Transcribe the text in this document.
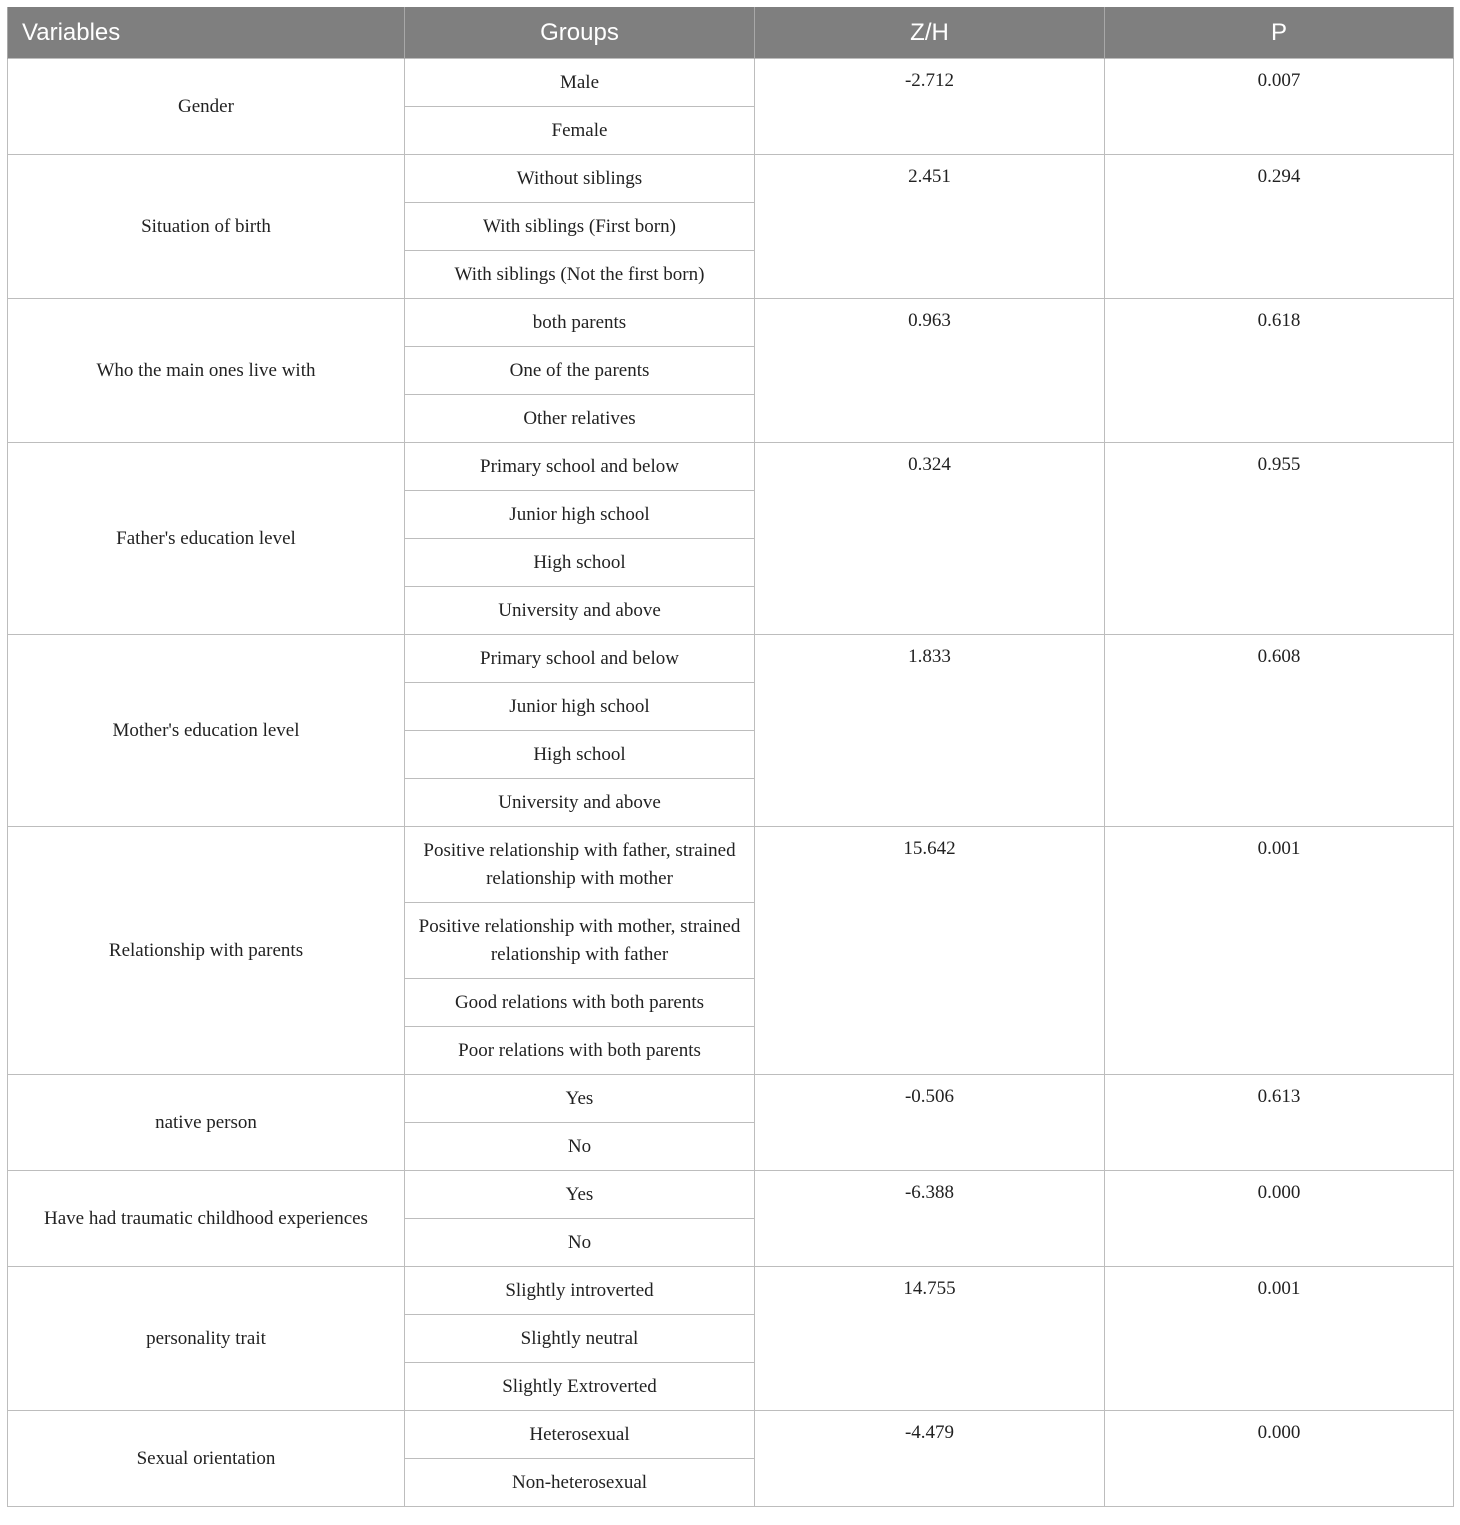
Variables	Groups	Z/H	P
Gender	Male	-2.712	0.007
	Female		
Situation of birth	Without siblings	2.451	0.294
	With siblings (First born)		
	With siblings (Not the first born)		
Who the main ones live with	both parents	0.963	0.618
	One of the parents		
	Other relatives		
Father's education level	Primary school and below	0.324	0.955
	Junior high school		
	High school		
	University and above		
Mother's education level	Primary school and below	1.833	0.608
	Junior high school		
	High school		
	University and above		
Relationship with parents	Positive relationship with father, strained relationship with mother	15.642	0.001
	Positive relationship with mother, strained relationship with father		
	Good relations with both parents		
	Poor relations with both parents		
native person	Yes	-0.506	0.613
	No		
Have had traumatic childhood experiences	Yes	-6.388	0.000
	No		
personality trait	Slightly introverted	14.755	0.001
	Slightly neutral		
	Slightly Extroverted		
Sexual orientation	Heterosexual	-4.479	0.000
	Non-heterosexual		
